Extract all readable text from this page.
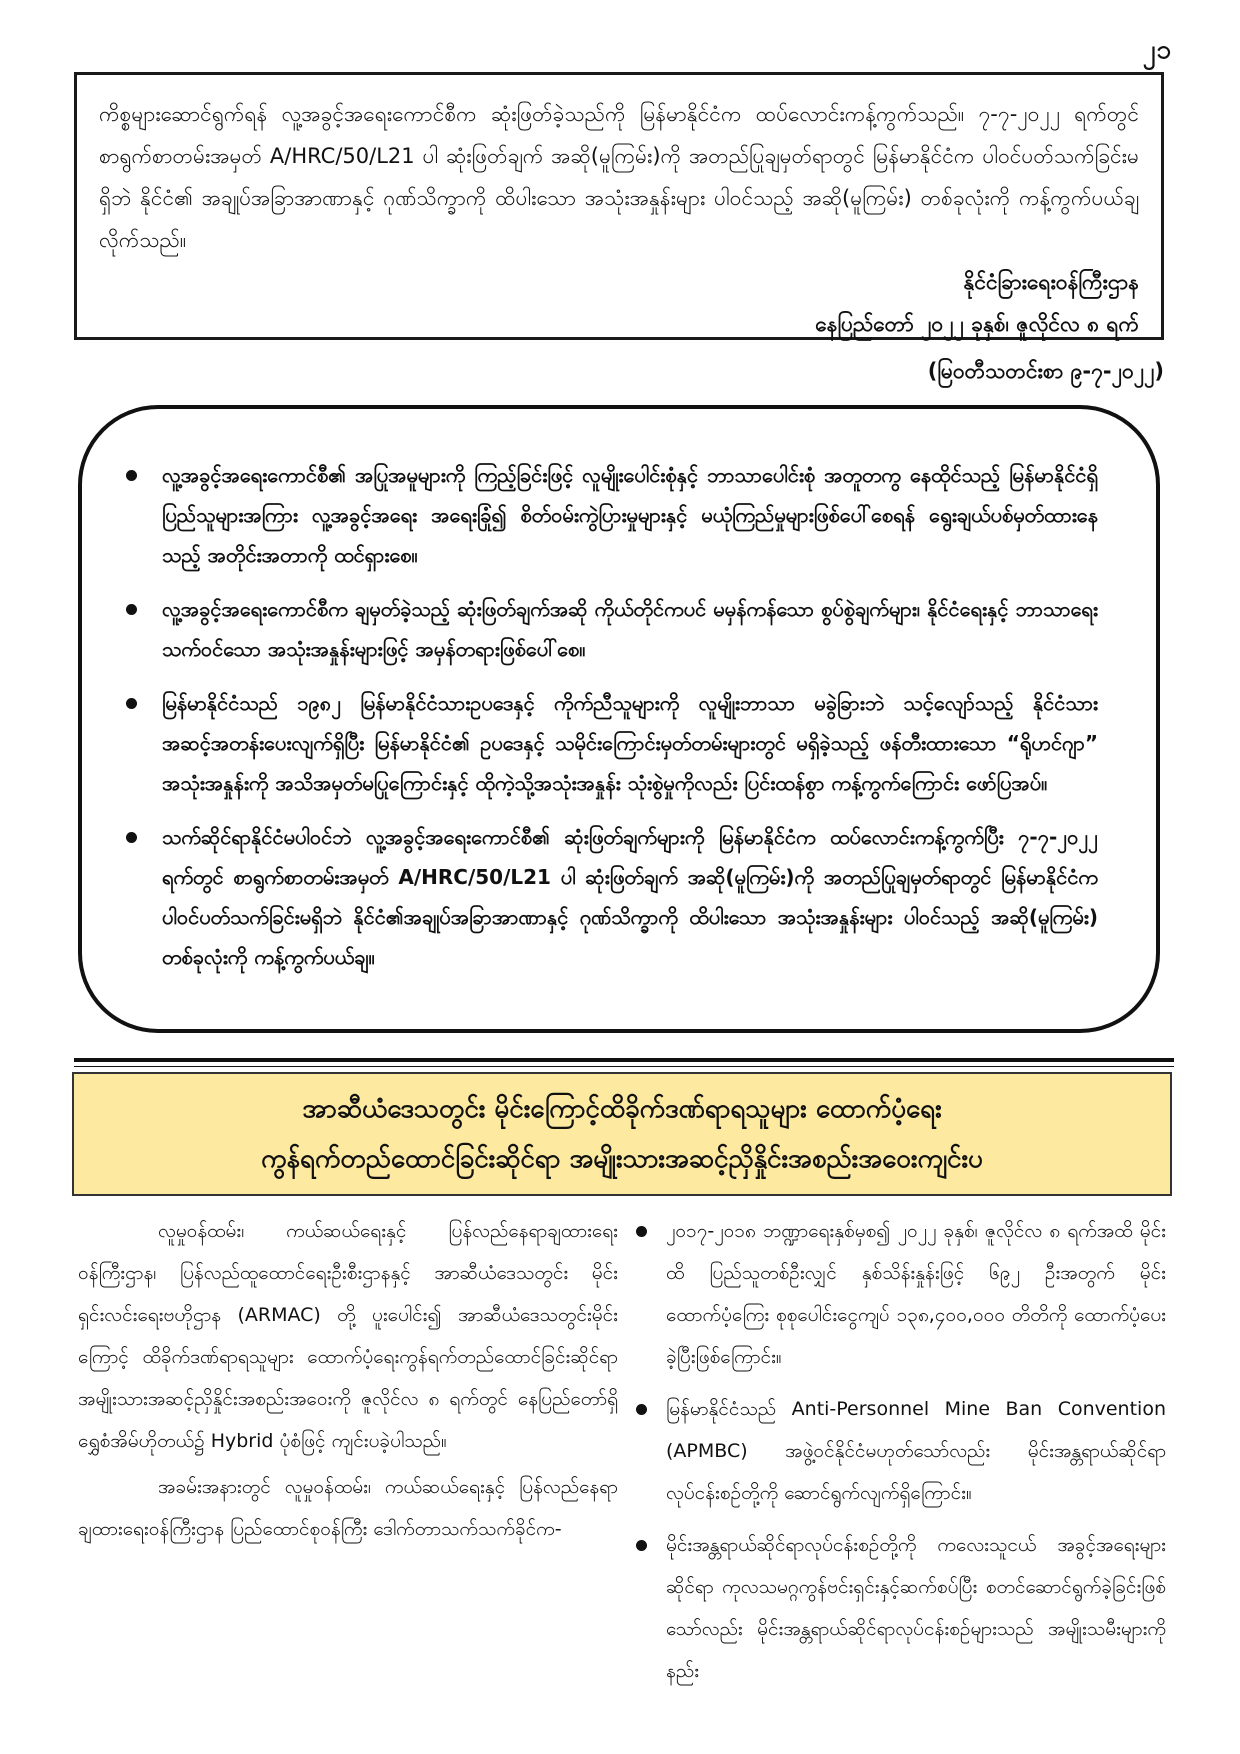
၂၁

ကိစ္စများဆောင်ရွက်ရန် လူ့အခွင့်အရေးကောင်စီက ဆုံးဖြတ်ခဲ့သည်ကို မြန်မာနိုင်ငံက ထပ်လောင်းကန့်ကွက်သည်။ ၇-၇-၂၀၂၂ ရက်တွင် စာရွက်စာတမ်းအမှတ် A/HRC/50/L21 ပါ ဆုံးဖြတ်ချက် အဆို(မူကြမ်း)ကို အတည်ပြုချမှတ်ရာတွင် မြန်မာနိုင်ငံက ပါဝင်ပတ်သက်ခြင်းမရှိဘဲ နိုင်ငံ၏ အချုပ်အခြာအာဏာနှင့် ဂုဏ်သိက္ခာကို ထိပါးသော အသုံးအနှုန်းများ ပါဝင်သည့် အဆို(မူကြမ်း) တစ်ခုလုံးကို ကန့်ကွက်ပယ်ချလိုက်သည်။

နိုင်ငံခြားရေးဝန်ကြီးဌာန

နေပြည်တော် ၂၀၂၂ ခုနှစ်၊ ဇူလိုင်လ ၈ ရက်

(မြဝတီသတင်းစာ ၉-၇-၂၀၂၂)
လူ့အခွင့်အရေးကောင်စီ၏ အပြုအမူများကို ကြည့်ခြင်းဖြင့် လူမျိုးပေါင်းစုံနှင့် ဘာသာပေါင်းစုံ အတူတကွ နေထိုင်သည့် မြန်မာနိုင်ငံရှိ ပြည်သူများအကြား လူ့အခွင့်အရေး အရေးခြုံ၍ စိတ်ဝမ်းကွဲပြားမှုများနှင့် မယုံကြည်မှုများဖြစ်ပေါ်စေရန် ရွေးချယ်ပစ်မှတ်ထားနေသည့် အတိုင်းအတာကို ထင်ရှားစေ။
လူ့အခွင့်အရေးကောင်စီက ချမှတ်ခဲ့သည့် ဆုံးဖြတ်ချက်အဆို ကိုယ်တိုင်ကပင် မမှန်ကန်သော စွပ်စွဲချက်များ၊ နိုင်ငံရေးနှင့် ဘာသာရေးသက်ဝင်သော အသုံးအနှုန်းများဖြင့် အမှန်တရားဖြစ်ပေါ်စေ။
မြန်မာနိုင်ငံသည် ၁၉၈၂ မြန်မာနိုင်ငံသားဥပဒေနှင့် ကိုက်ညီသူများကို လူမျိုးဘာသာ မခွဲခြားဘဲ သင့်လျော်သည့် နိုင်ငံသားအဆင့်အတန်းပေးလျက်ရှိပြီး မြန်မာနိုင်ငံ၏ ဥပဒေနှင့် သမိုင်းကြောင်းမှတ်တမ်းများတွင် မရှိခဲ့သည့် ဖန်တီးထားသော “ရိုဟင်ဂျာ” အသုံးအနှုန်းကို အသိအမှတ်မပြုကြောင်းနှင့် ထိုကဲ့သို့အသုံးအနှုန်း သုံးစွဲမှုကိုလည်း ပြင်းထန်စွာ ကန့်ကွက်ကြောင်း ဖော်ပြအပ်။
သက်ဆိုင်ရာနိုင်ငံမပါဝင်ဘဲ လူ့အခွင့်အရေးကောင်စီ၏ ဆုံးဖြတ်ချက်များကို မြန်မာနိုင်ငံက ထပ်လောင်းကန့်ကွက်ပြီး ၇-၇-၂၀၂၂ ရက်တွင် စာရွက်စာတမ်းအမှတ် A/HRC/50/L21 ပါ ဆုံးဖြတ်ချက် အဆို(မူကြမ်း)ကို အတည်ပြုချမှတ်ရာတွင် မြန်မာနိုင်ငံက ပါဝင်ပတ်သက်ခြင်းမရှိဘဲ နိုင်ငံ၏အချုပ်အခြာအာဏာနှင့် ဂုဏ်သိက္ခာကို ထိပါးသော အသုံးအနှုန်းများ ပါဝင်သည့် အဆို(မူကြမ်း) တစ်ခုလုံးကို ကန့်ကွက်ပယ်ချ။
အာဆီယံဒေသတွင်း မိုင်းကြောင့်ထိခိုက်ဒဏ်ရာရသူများ ထောက်ပံ့ရေး
ကွန်ရက်တည်ထောင်ခြင်းဆိုင်ရာ အမျိုးသားအဆင့်ညှိနှိုင်းအစည်းအဝေးကျင်းပ

လူမှုဝန်ထမ်း၊ ကယ်ဆယ်ရေးနှင့် ပြန်လည်နေရာချထားရေးဝန်ကြီးဌာန၊ ပြန်လည်ထူထောင်ရေးဦးစီးဌာနနှင့် အာဆီယံဒေသတွင်း မိုင်းရှင်းလင်းရေးဗဟိုဌာန (ARMAC) တို့ ပူးပေါင်း၍ အာဆီယံဒေသတွင်းမိုင်းကြောင့် ထိခိုက်ဒဏ်ရာရသူများ ထောက်ပံ့ရေးကွန်ရက်တည်ထောင်ခြင်းဆိုင်ရာ အမျိုးသားအဆင့်ညှိနှိုင်းအစည်းအဝေးကို ဇူလိုင်လ ၈ ရက်တွင် နေပြည်တော်ရှိ ရွှေစံအိမ်ဟိုတယ်၌ Hybrid ပုံစံဖြင့် ကျင်းပခဲ့ပါသည်။

အခမ်းအနားတွင် လူမှုဝန်ထမ်း၊ ကယ်ဆယ်ရေးနှင့် ပြန်လည်နေရာချထားရေးဝန်ကြီးဌာန ပြည်ထောင်စုဝန်ကြီး ဒေါက်တာသက်သက်ခိုင်က-

၂၀၁၇-၂၀၁၈ ဘဏ္ဍာရေးနှစ်မှစ၍ ၂၀၂၂ ခုနှစ်၊ ဇူလိုင်လ ၈ ရက်အထိ မိုင်းထိ ပြည်သူတစ်ဦးလျှင် နှစ်သိန်းနှုန်းဖြင့် ၆၉၂ ဦးအတွက် မိုင်းထောက်ပံ့ကြေး စုစုပေါင်းငွေကျပ် ၁၃၈,၄၀၀,၀၀၀ တိတိကို ထောက်ပံ့ပေးခဲ့ပြီးဖြစ်ကြောင်း။
မြန်မာနိုင်ငံသည် Anti-Personnel Mine Ban Convention (APMBC) အဖွဲ့ဝင်နိုင်ငံမဟုတ်သော်လည်း မိုင်းအန္တရာယ်ဆိုင်ရာလုပ်ငန်းစဉ်တို့ကို ဆောင်ရွက်လျက်ရှိကြောင်း။
မိုင်းအန္တရာယ်ဆိုင်ရာလုပ်ငန်းစဉ်တို့ကို ကလေးသူငယ် အခွင့်အရေးများဆိုင်ရာ ကုလသမဂ္ဂကွန်ဗင်းရှင်းနှင့်ဆက်စပ်ပြီး စတင်ဆောင်ရွက်ခဲ့ခြင်းဖြစ်သော်လည်း မိုင်းအန္တရာယ်ဆိုင်ရာလုပ်ငန်းစဉ်များသည် အမျိုးသမီးများကို နည်း
